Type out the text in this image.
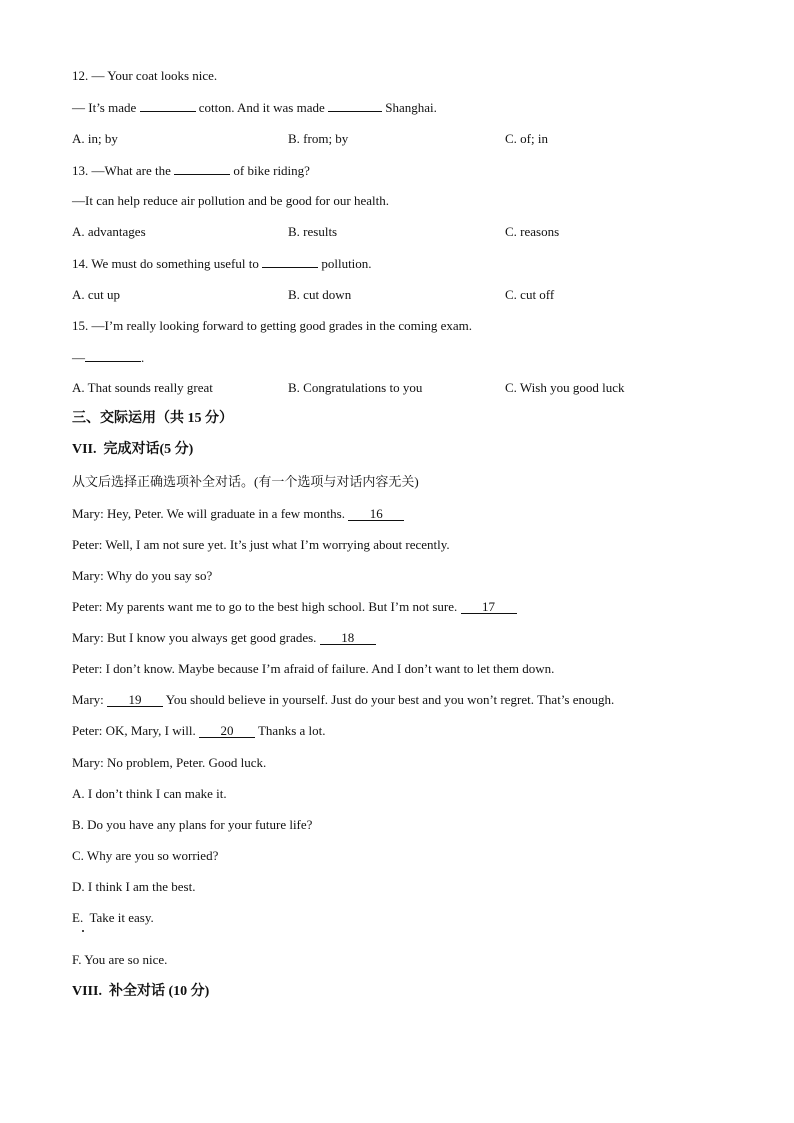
12. — Your coat looks nice.
— It’s made	cotton. And it was made	Shanghai.
A. in; by	B. from; by	C. of; in
13. —What are the	of bike riding?
—It can help reduce air pollution and be good for our health.
A. advantages	B. results	C. reasons
14. We must do something useful to	pollution.
A. cut up	B. cut down	C. cut off
15. —I’m really looking forward to getting good grades in the coming exam.
—	.
A. That sounds really great	B. Congratulations to you	C. Wish you good luck
三、交际运用（共 15 分）
VII.  完成对话(5 分)
从文后选择正确选项补全对话。(有一个选项与对话内容无关)
Mary: Hey, Peter. We will graduate in a few months. 16
Peter: Well, I am not sure yet. It’s just what I’m worrying about recently.
Mary: Why do you say so?
Peter: My parents want me to go to the best high school. But I’m not sure. 17
Mary: But I know you always get good grades. 18
Peter: I don’t know. Maybe because I’m afraid of failure. And I don’t want to let them down.
Mary: 19 You should believe in yourself. Just do your best and you won’t regret. That’s enough.
Peter: OK, Mary, I will. 20 Thanks a lot.
Mary: No problem, Peter. Good luck.
A. I don’t think I can make it.
B. Do you have any plans for your future life?
C. Why are you so worried?
D. I think I am the best.
E.  Take it easy.
F. You are so nice.
VIII.  补全对话 (10 分)
